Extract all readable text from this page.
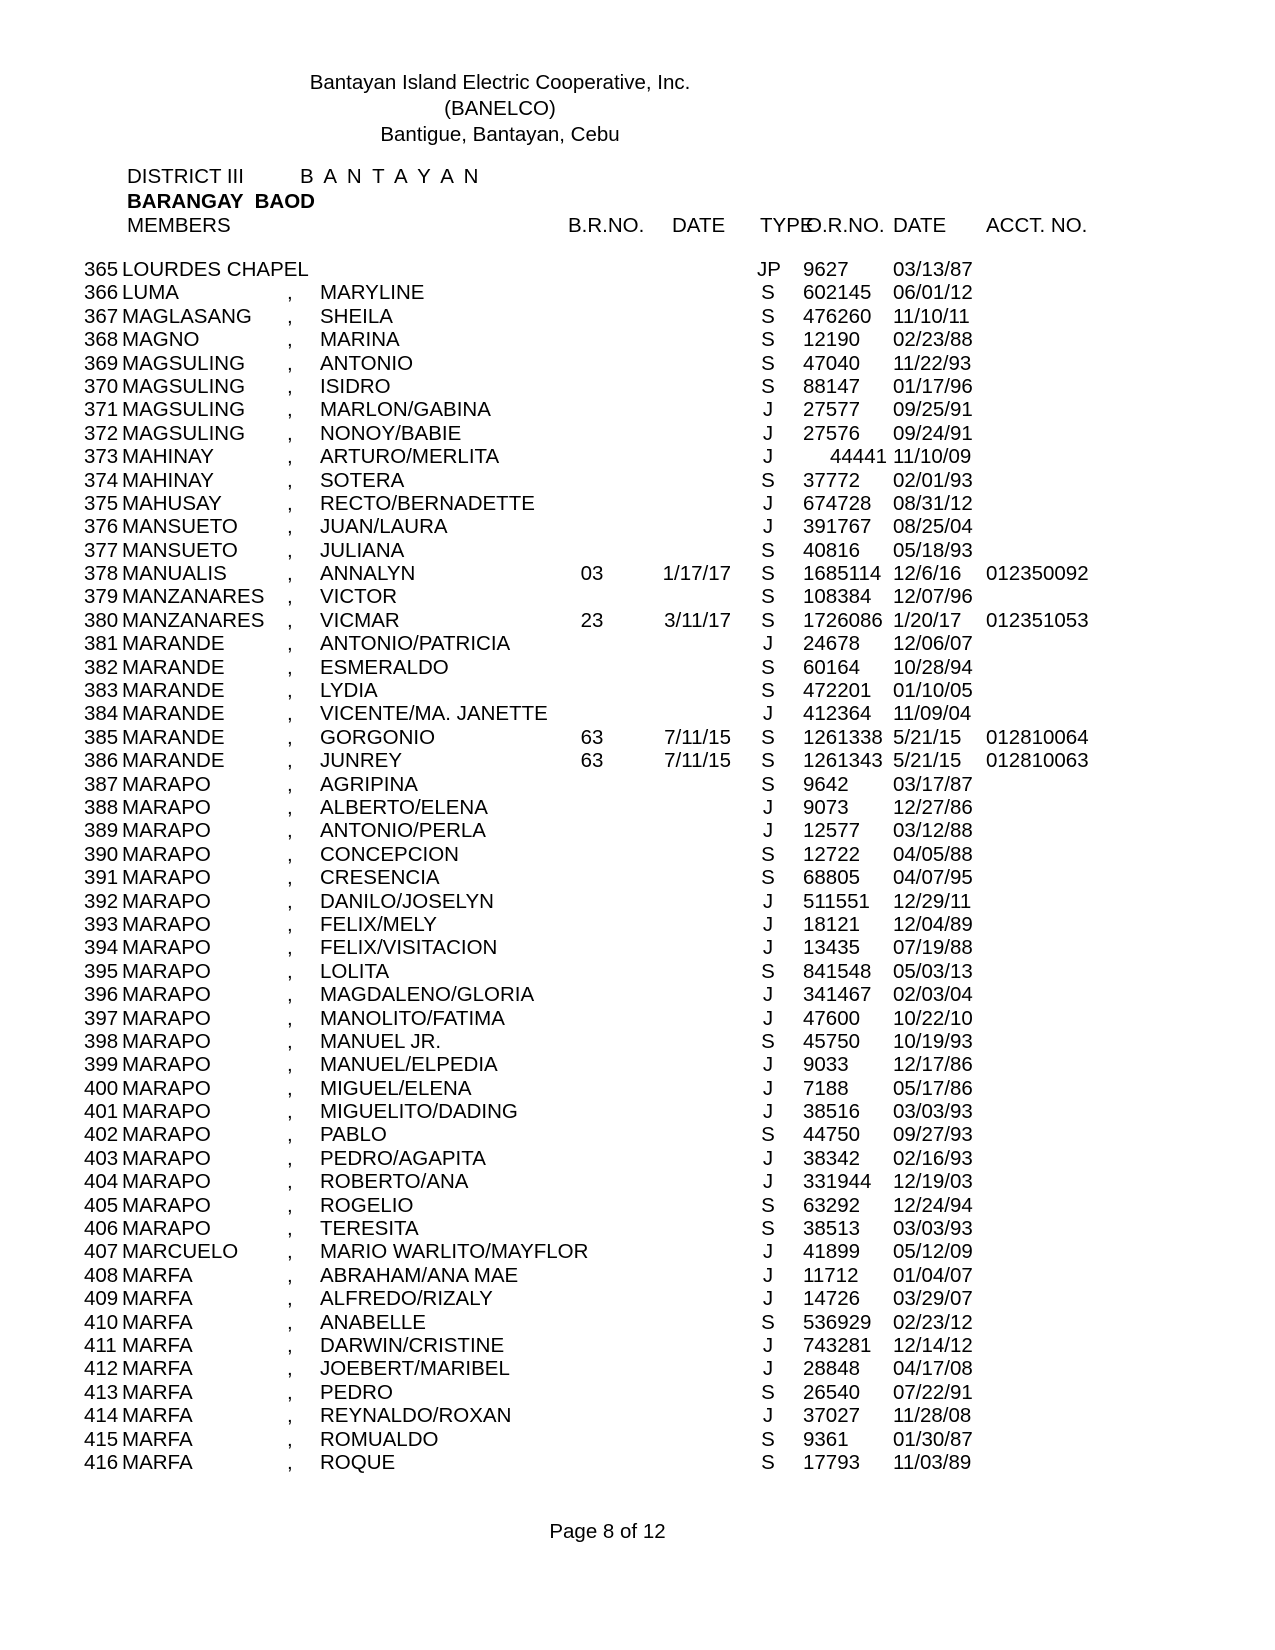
Bantayan Island Electric Cooperative, Inc.
(BANELCO)
Bantigue, Bantayan, Cebu
DISTRICT III	B A N T A Y A N
BARANGAY  BAOD
MEMBERS	B.R.NO. DATE TYPE
O.R.NO. DATE ACCT. NO.
365 LOURDES CHAPEL	JP 9627	03/13/87
366 LUMA	, MARYLINE	S 602145	06/01/12
367 MAGLASANG , SHEILA	S 476260	11/10/11
368 MAGNO	, MARINA	S 12190	02/23/88
369 MAGSULING , ANTONIO	S 47040	11/22/93
370 MAGSULING , ISIDRO	S 88147	01/17/96
371 MAGSULING , MARLON/GABINA	J 27577	09/25/91
372 MAGSULING , NONOY/BABIE	J 27576	09/24/91
373 MAHINAY	, ARTURO/MERLITA	J	44441 11/10/09
374 MAHINAY	, SOTERA	S 37772	02/01/93
375 MAHUSAY	, RECTO/BERNADETTE	J 674728	08/31/12
376 MANSUETO , JUAN/LAURA	J 391767	08/25/04
377 MANSUETO , JULIANA	S 40816	05/18/93
378 MANUALIS	, ANNALYN	03	1/17/17 S 1685114 12/6/16 012350092
379 MANZANARES , VICTOR	S 108384	12/07/96
380 MANZANARES , VICMAR	23	3/11/17 S 1726086 1/20/17 012351053
381 MARANDE	, ANTONIO/PATRICIA	J 24678	12/06/07
382 MARANDE	, ESMERALDO	S 60164	10/28/94
383 MARANDE	, LYDIA	S 472201	01/10/05
384 MARANDE	, VICENTE/MA. JANETTE	J 412364	11/09/04
385 MARANDE	, GORGONIO	63	7/11/15 S 1261338 5/21/15 012810064
386 MARANDE	, JUNREY	63	7/11/15 S 1261343 5/21/15 012810063
387 MARAPO	, AGRIPINA	S 9642	03/17/87
388 MARAPO	, ALBERTO/ELENA	J 9073	12/27/86
389 MARAPO	, ANTONIO/PERLA	J 12577	03/12/88
390 MARAPO	, CONCEPCION	S 12722	04/05/88
391 MARAPO	, CRESENCIA	S 68805	04/07/95
392 MARAPO	, DANILO/JOSELYN	J 511551	12/29/11
393 MARAPO	, FELIX/MELY	J 18121	12/04/89
394 MARAPO	, FELIX/VISITACION	J 13435	07/19/88
395 MARAPO	, LOLITA	S 841548	05/03/13
396 MARAPO	, MAGDALENO/GLORIA	J 341467	02/03/04
397 MARAPO	, MANOLITO/FATIMA	J 47600	10/22/10
398 MARAPO	, MANUEL JR.	S 45750	10/19/93
399 MARAPO	, MANUEL/ELPEDIA	J 9033	12/17/86
400 MARAPO	, MIGUEL/ELENA	J 7188	05/17/86
401 MARAPO	, MIGUELITO/DADING	J 38516	03/03/93
402 MARAPO	, PABLO	S 44750	09/27/93
403 MARAPO	, PEDRO/AGAPITA	J 38342	02/16/93
404 MARAPO	, ROBERTO/ANA	J 331944	12/19/03
405 MARAPO	, ROGELIO	S 63292	12/24/94
406 MARAPO	, TERESITA	S 38513	03/03/93
407 MARCUELO , MARIO WARLITO/MAYFLOR	J 41899	05/12/09
408 MARFA	, ABRAHAM/ANA MAE	J 11712	01/04/07
409 MARFA	, ALFREDO/RIZALY	J 14726	03/29/07
410 MARFA	, ANABELLE	S 536929	02/23/12
411 MARFA	, DARWIN/CRISTINE	J 743281	12/14/12
412 MARFA	, JOEBERT/MARIBEL	J 28848	04/17/08
413 MARFA	, PEDRO	S 26540	07/22/91
414 MARFA	, REYNALDO/ROXAN	J 37027	11/28/08
415 MARFA	, ROMUALDO	S 9361	01/30/87
416 MARFA	, ROQUE	S 17793	11/03/89
Page 8 of 12
